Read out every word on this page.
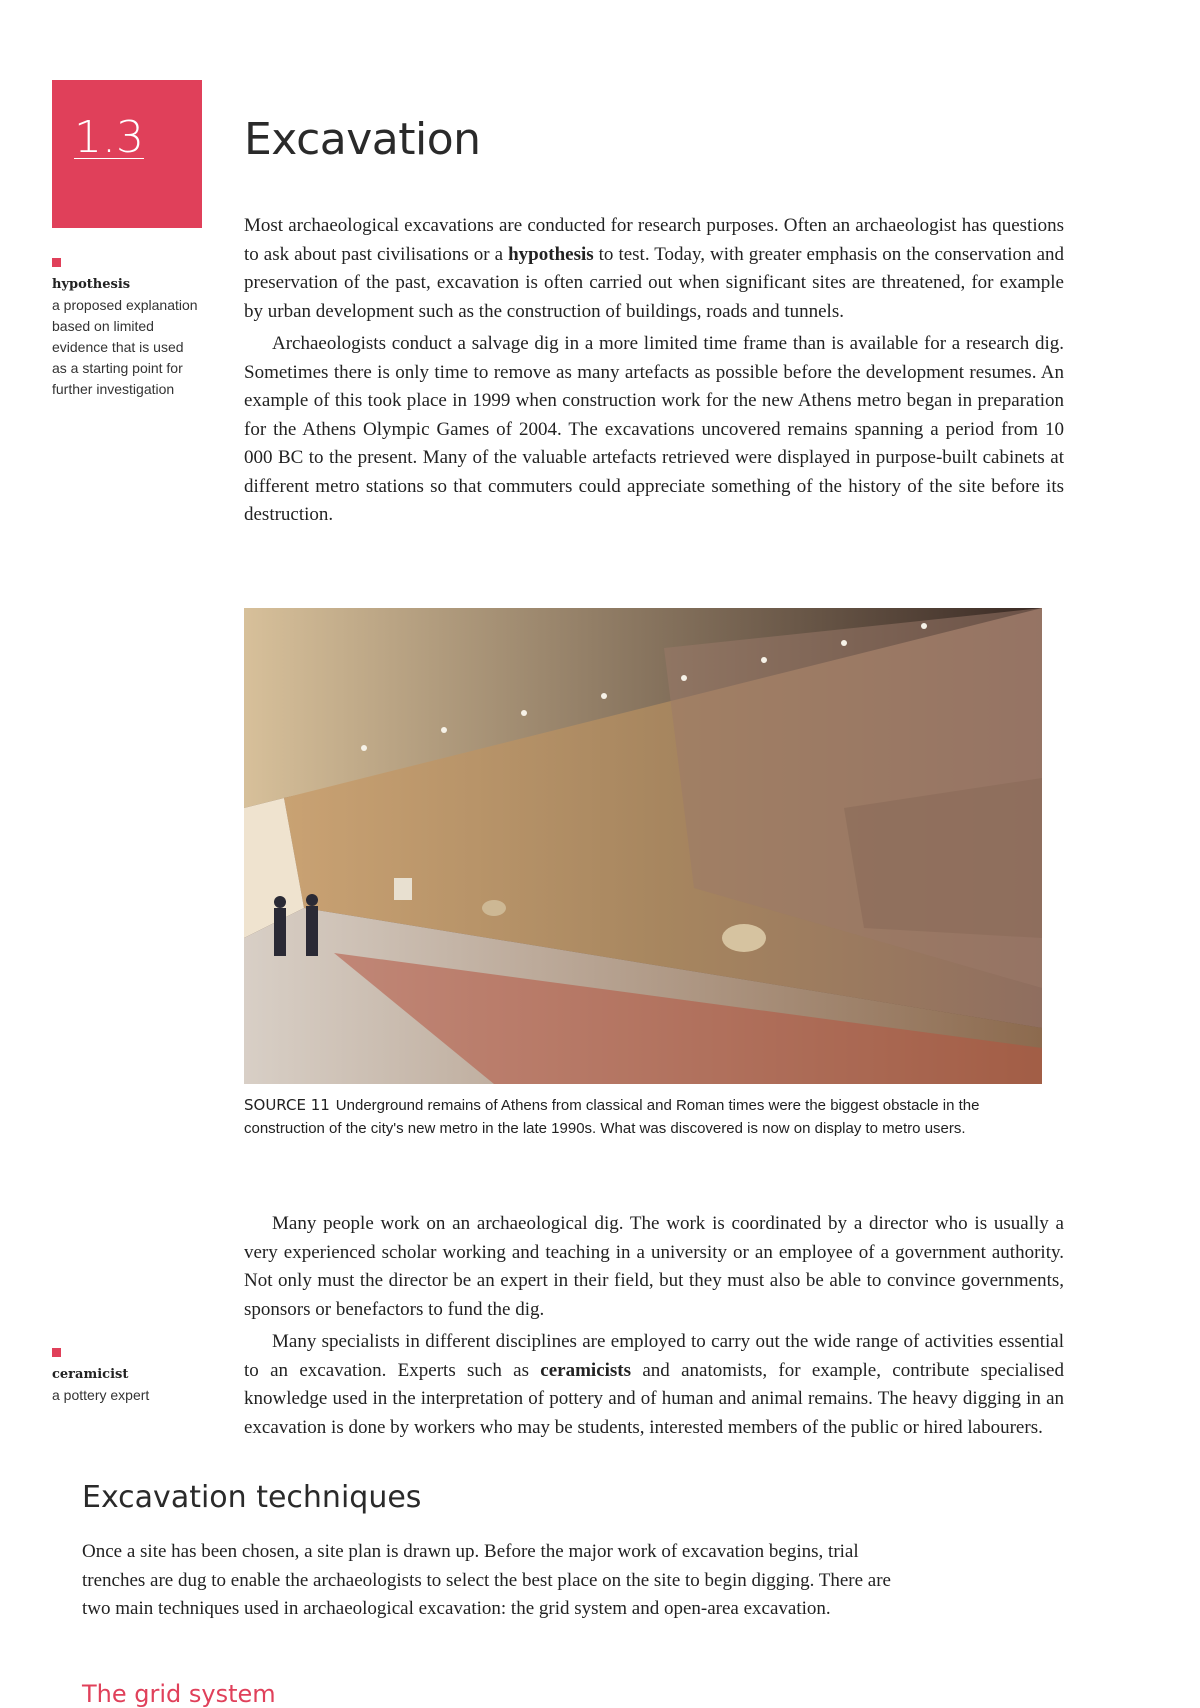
1.3 Excavation
hypothesis
a proposed explanation based on limited evidence that is used as a starting point for further investigation

Most archaeological excavations are conducted for research purposes. Often an archaeologist has questions to ask about past civilisations or a hypothesis to test. Today, with greater emphasis on the conservation and preservation of the past, excavation is often carried out when significant sites are threatened, for example by urban development such as the construction of buildings, roads and tunnels.

Archaeologists conduct a salvage dig in a more limited time frame than is available for a research dig. Sometimes there is only time to remove as many artefacts as possible before the development resumes. An example of this took place in 1999 when construction work for the new Athens metro began in preparation for the Athens Olympic Games of 2004. The excavations uncovered remains spanning a period from 10 000 BC to the present. Many of the valuable artefacts retrieved were displayed in purpose-built cabinets at different metro stations so that commuters could appreciate something of the history of the site before its destruction.

SOURCE 11 Underground remains of Athens from classical and Roman times were the biggest obstacle in the construction of the city's new metro in the late 1990s. What was discovered is now on display to metro users.

Many people work on an archaeological dig. The work is coordinated by a director who is usually a very experienced scholar working and teaching in a university or an employee of a government authority. Not only must the director be an expert in their field, but they must also be able to convince governments, sponsors or benefactors to fund the dig.

Many specialists in different disciplines are employed to carry out the wide range of activities essential to an excavation. Experts such as ceramicists and anatomists, for example, contribute specialised knowledge used in the interpretation of pottery and of human and animal remains. The heavy digging in an excavation is done by workers who may be students, interested members of the public or hired labourers.

ceramicist
a pottery expert
Excavation techniques

Once a site has been chosen, a site plan is drawn up. Before the major work of excavation begins, trial trenches are dug to enable the archaeologists to select the best place on the site to begin digging. There are two main techniques used in archaeological excavation: the grid system and open-area excavation.

The grid system
